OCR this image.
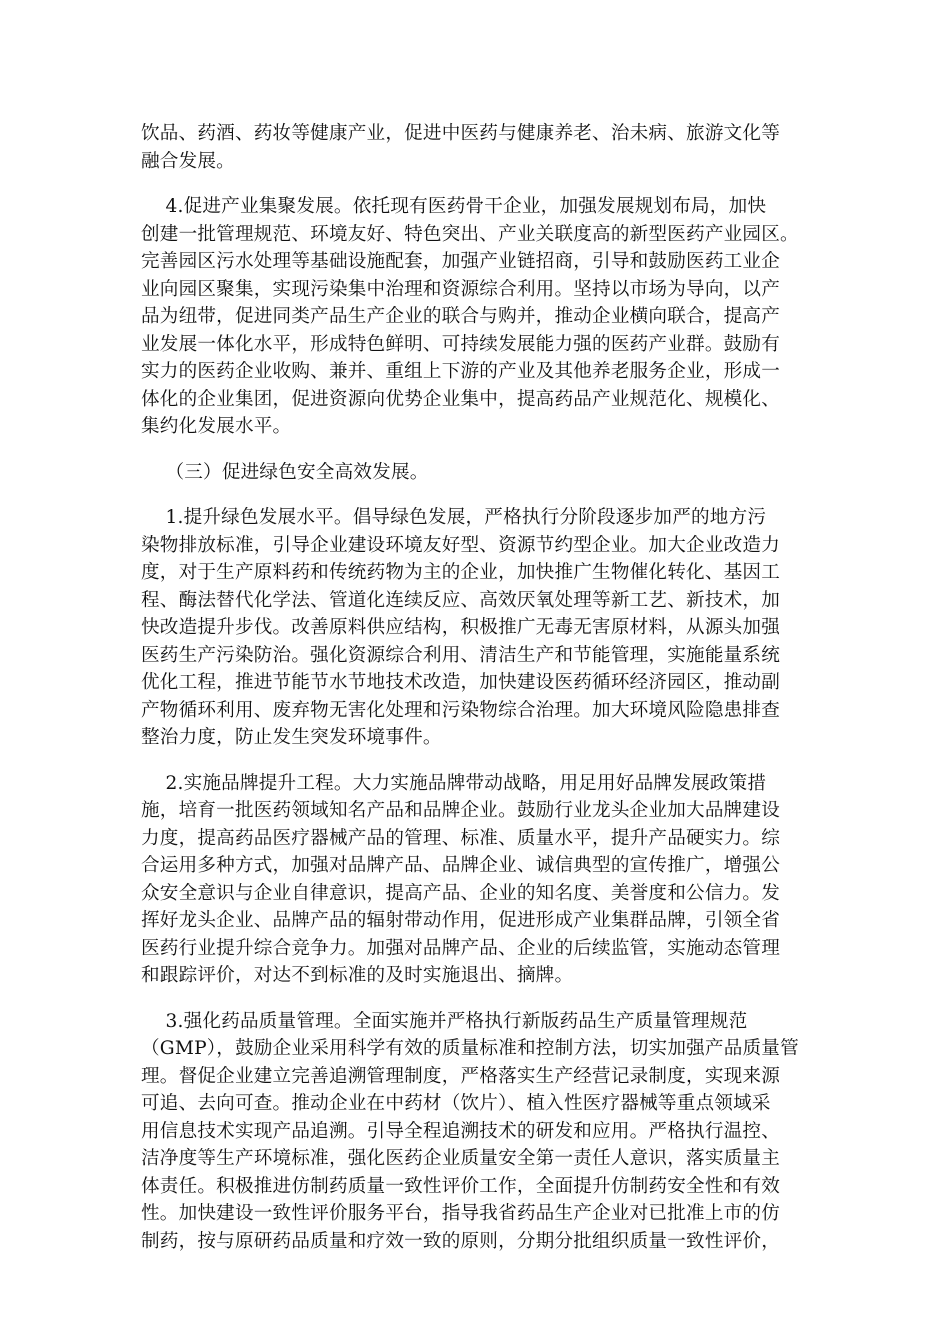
饮品、药酒、药妆等健康产业，促进中医药与健康养老、治未病、旅游文化等
融合发展。
4.促进产业集聚发展。依托现有医药骨干企业，加强发展规划布局，加快
创建一批管理规范、环境友好、特色突出、产业关联度高的新型医药产业园区。
完善园区污水处理等基础设施配套，加强产业链招商，引导和鼓励医药工业企
业向园区聚集，实现污染集中治理和资源综合利用。坚持以市场为导向，以产
品为纽带，促进同类产品生产企业的联合与购并，推动企业横向联合，提高产
业发展一体化水平，形成特色鲜明、可持续发展能力强的医药产业群。鼓励有
实力的医药企业收购、兼并、重组上下游的产业及其他养老服务企业，形成一
体化的企业集团，促进资源向优势企业集中，提高药品产业规范化、规模化、
集约化发展水平。
（三）促进绿色安全高效发展。
1.提升绿色发展水平。倡导绿色发展，严格执行分阶段逐步加严的地方污
染物排放标准，引导企业建设环境友好型、资源节约型企业。加大企业改造力
度，对于生产原料药和传统药物为主的企业，加快推广生物催化转化、基因工
程、酶法替代化学法、管道化连续反应、高效厌氧处理等新工艺、新技术，加
快改造提升步伐。改善原料供应结构，积极推广无毒无害原材料，从源头加强
医药生产污染防治。强化资源综合利用、清洁生产和节能管理，实施能量系统
优化工程，推进节能节水节地技术改造，加快建设医药循环经济园区，推动副
产物循环利用、废弃物无害化处理和污染物综合治理。加大环境风险隐患排查
整治力度，防止发生突发环境事件。
2.实施品牌提升工程。大力实施品牌带动战略，用足用好品牌发展政策措
施，培育一批医药领域知名产品和品牌企业。鼓励行业龙头企业加大品牌建设
力度，提高药品医疗器械产品的管理、标准、质量水平，提升产品硬实力。综
合运用多种方式，加强对品牌产品、品牌企业、诚信典型的宣传推广，增强公
众安全意识与企业自律意识，提高产品、企业的知名度、美誉度和公信力。发
挥好龙头企业、品牌产品的辐射带动作用，促进形成产业集群品牌，引领全省
医药行业提升综合竞争力。加强对品牌产品、企业的后续监管，实施动态管理
和跟踪评价，对达不到标准的及时实施退出、摘牌。
3.强化药品质量管理。全面实施并严格执行新版药品生产质量管理规范
（GMP），鼓励企业采用科学有效的质量标准和控制方法，切实加强产品质量管
理。督促企业建立完善追溯管理制度，严格落实生产经营记录制度，实现来源
可追、去向可查。推动企业在中药材（饮片）、植入性医疗器械等重点领域采
用信息技术实现产品追溯。引导全程追溯技术的研发和应用。严格执行温控、
洁净度等生产环境标准，强化医药企业质量安全第一责任人意识，落实质量主
体责任。积极推进仿制药质量一致性评价工作，全面提升仿制药安全性和有效
性。加快建设一致性评价服务平台，指导我省药品生产企业对已批准上市的仿
制药，按与原研药品质量和疗效一致的原则，分期分批组织质量一致性评价，
